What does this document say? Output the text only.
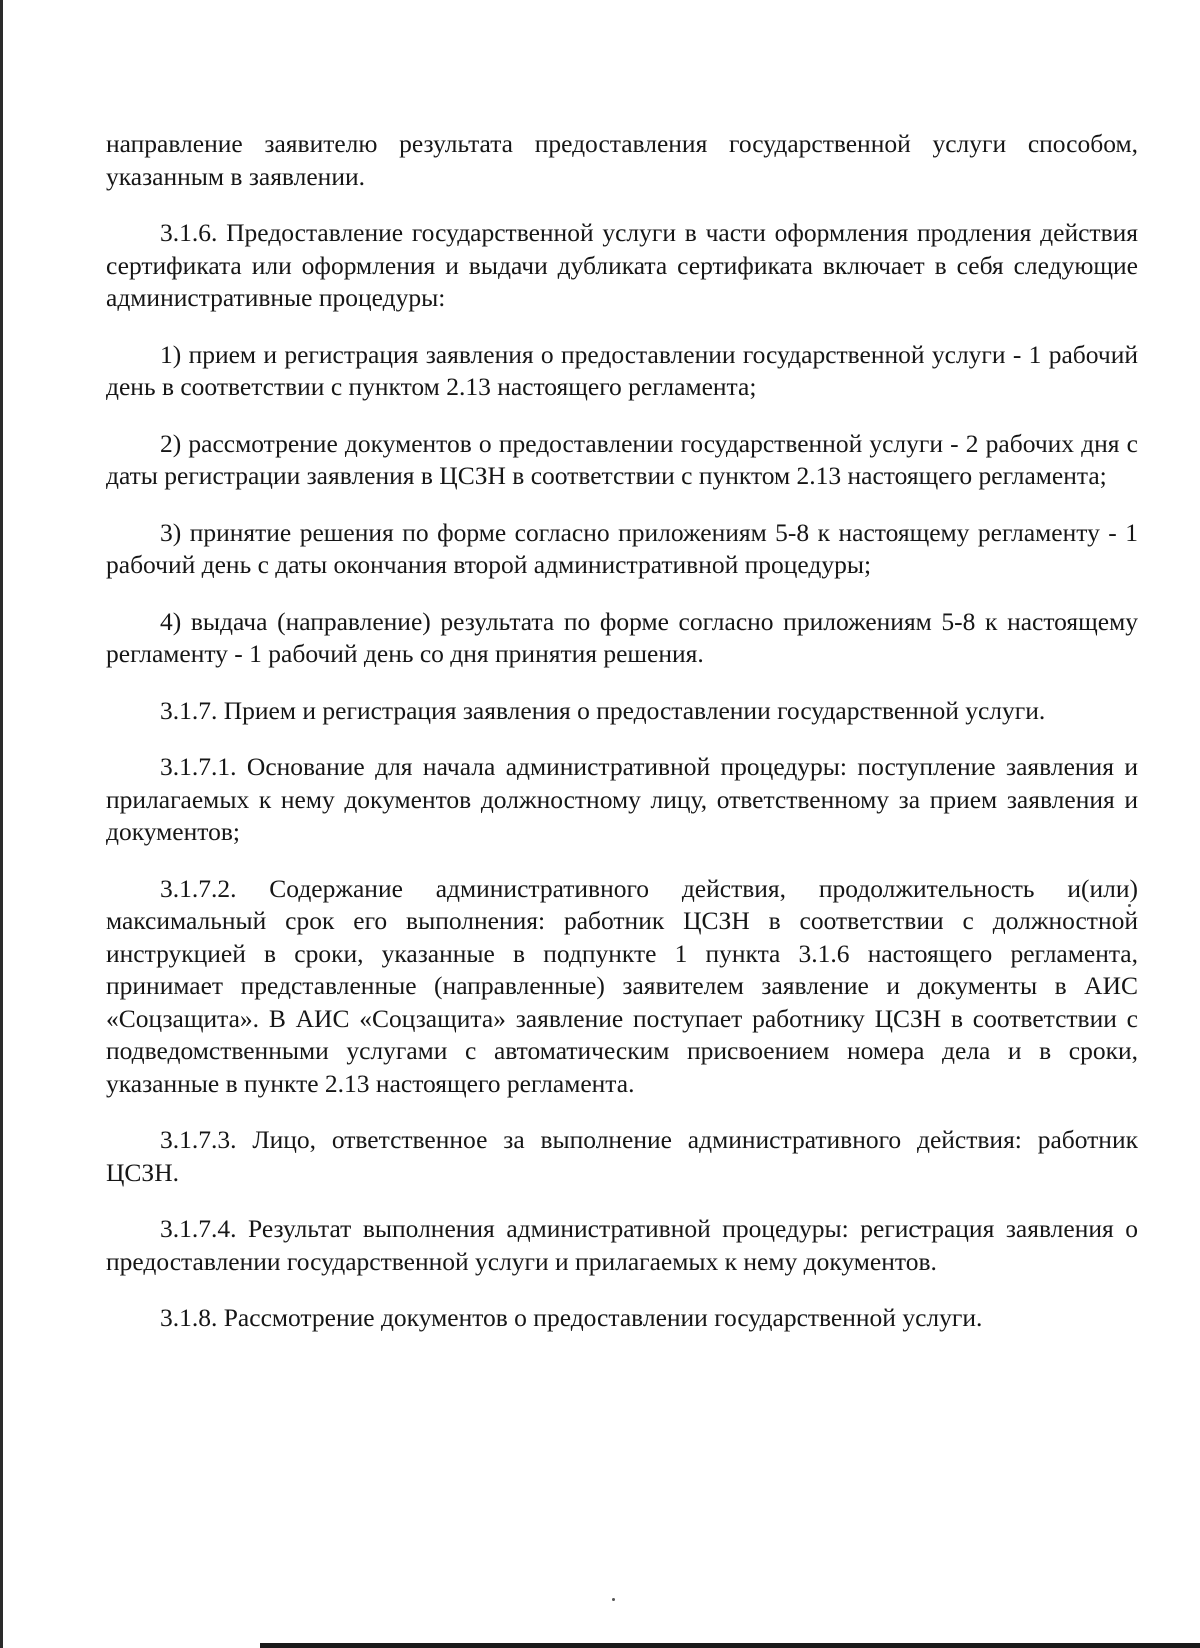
направление заявителю результата предоставления государственной услуги способом, указанным в заявлении.

3.1.6. Предоставление государственной услуги в части оформления продления действия сертификата или оформления и выдачи дубликата сертификата включает в себя следующие административные процедуры:

1) прием и регистрация заявления о предоставлении государственной услуги - 1 рабочий день в соответствии с пунктом 2.13 настоящего регламента;

2) рассмотрение документов о предоставлении государственной услуги - 2 рабочих дня с даты регистрации заявления в ЦСЗН в соответствии с пунктом 2.13 настоящего регламента;

3) принятие решения по форме согласно приложениям 5-8 к настоящему регламенту - 1 рабочий день с даты окончания второй административной процедуры;

4) выдача (направление) результата по форме согласно приложениям 5-8 к настоящему регламенту - 1 рабочий день со дня принятия решения.

3.1.7. Прием и регистрация заявления о предоставлении государственной услуги.

3.1.7.1. Основание для начала административной процедуры: поступление заявления и прилагаемых к нему документов должностному лицу, ответственному за прием заявления и документов;

3.1.7.2. Содержание административного действия, продолжительность и(или) максимальный срок его выполнения: работник ЦСЗН в соответствии с должностной инструкцией в сроки, указанные в подпункте 1 пункта 3.1.6 настоящего регламента, принимает представленные (направленные) заявителем заявление и документы в АИС «Соцзащита». В АИС «Соцзащита» заявление поступает работнику ЦСЗН в соответствии с подведомственными услугами с автоматическим присвоением номера дела и в сроки, указанные в пункте 2.13 настоящего регламента.

3.1.7.3. Лицо, ответственное за выполнение административного действия: работник ЦСЗН.

3.1.7.4. Результат выполнения административной процедуры: регистрация заявления о предоставлении государственной услуги и прилагаемых к нему документов.

3.1.8. Рассмотрение документов о предоставлении государственной услуги.
